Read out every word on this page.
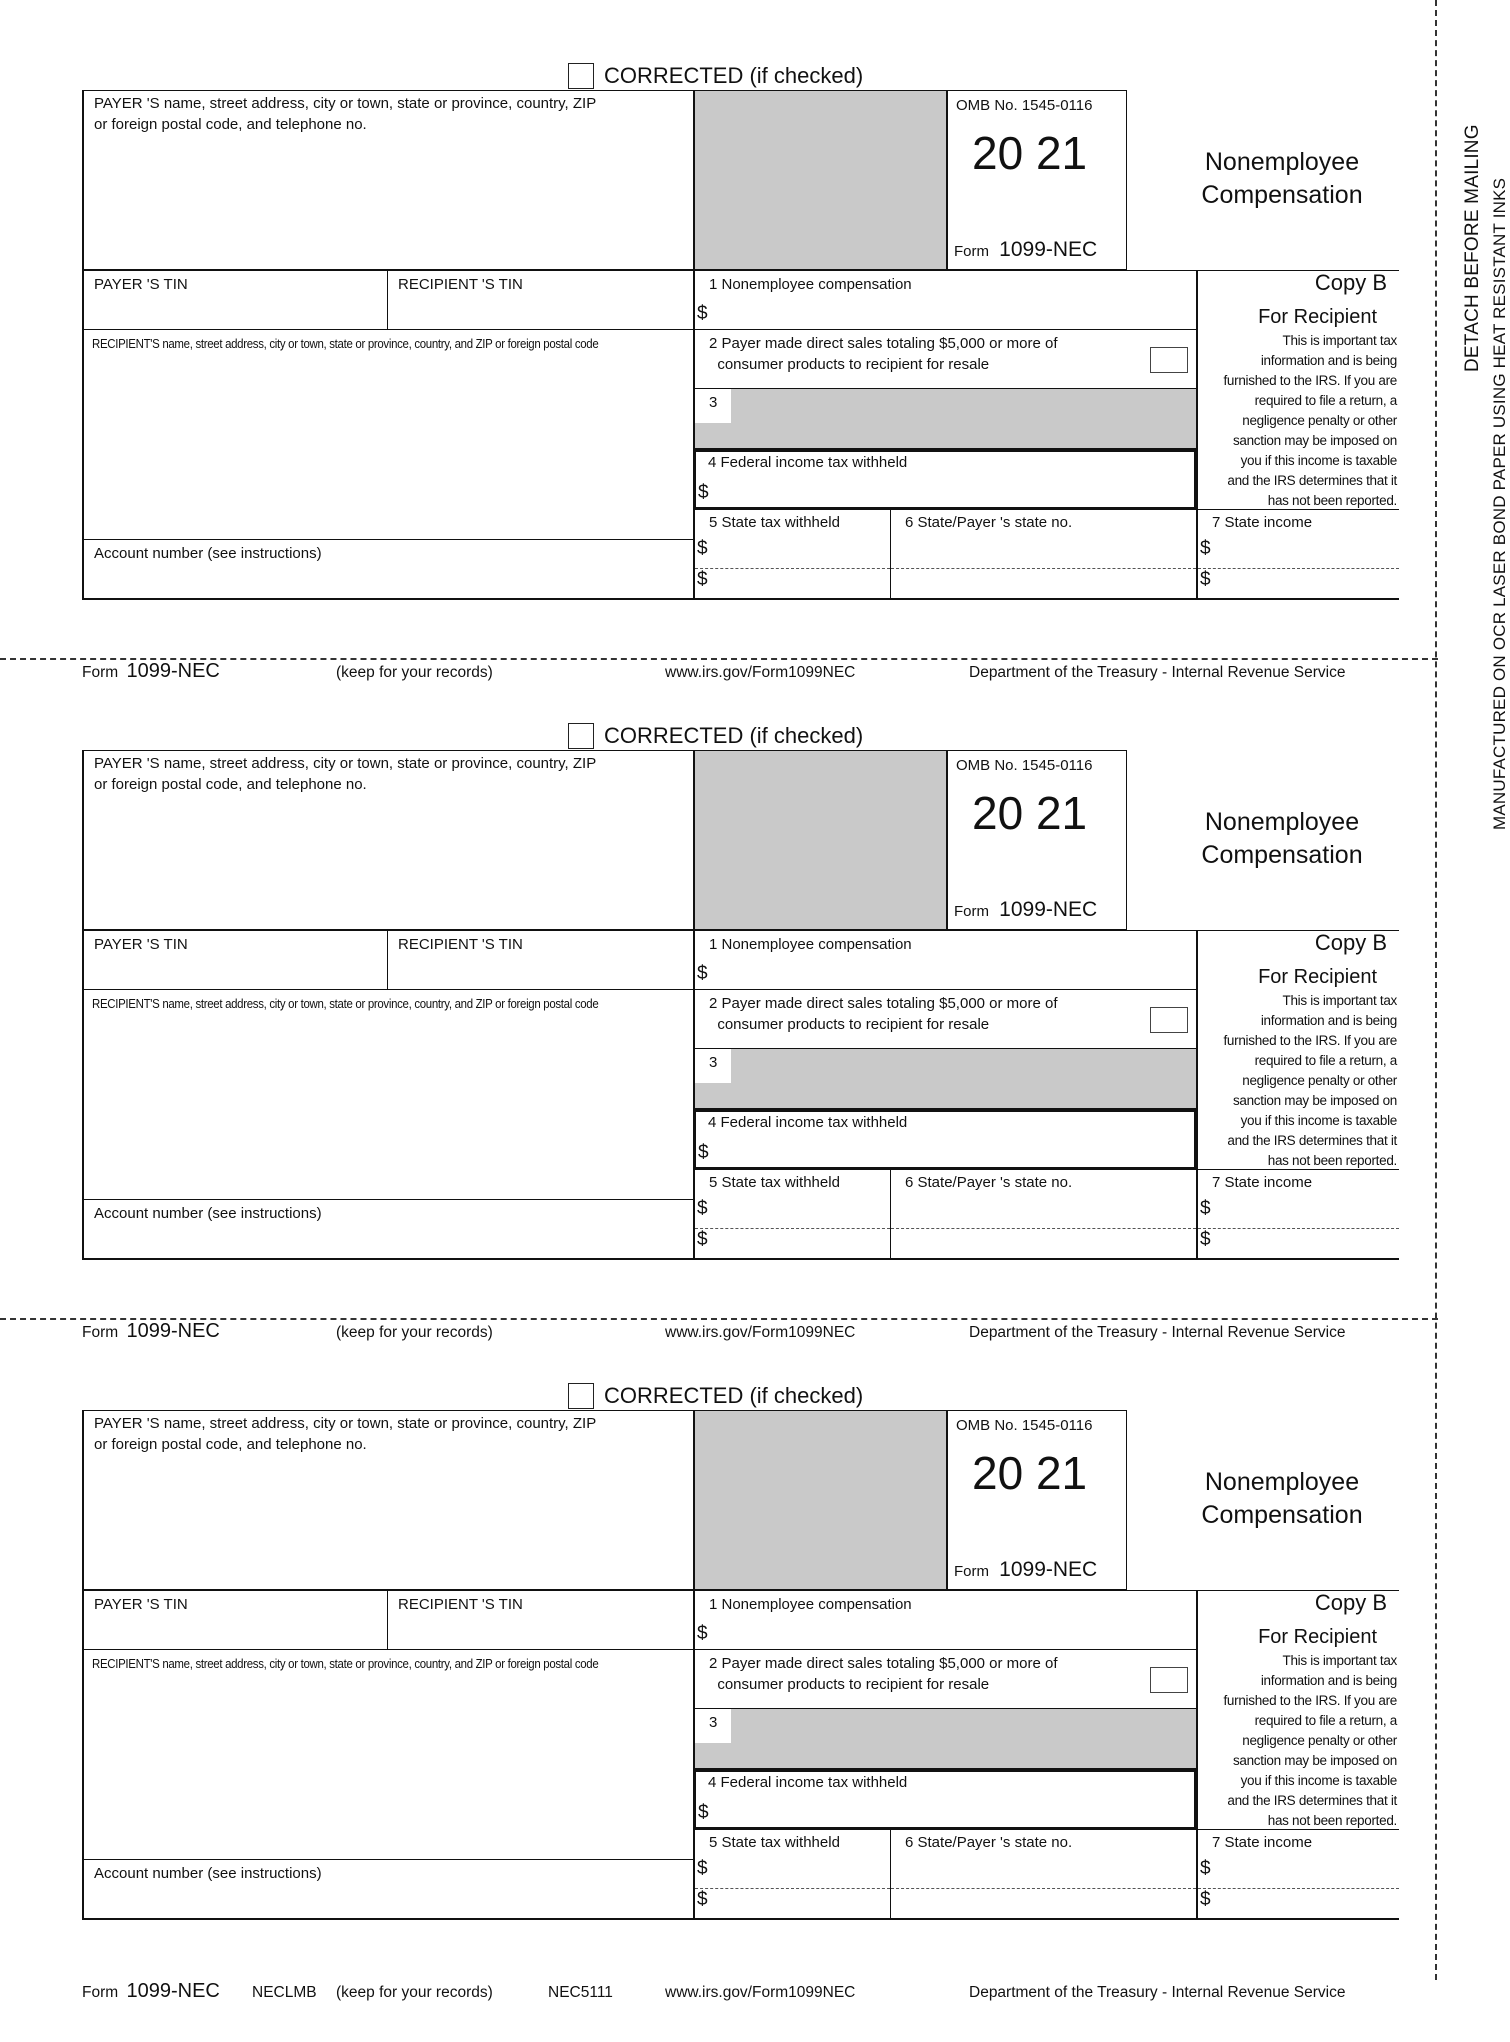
DETACH BEFORE MAILING MANUFACTURED ON OCR LASER BOND PAPER USING HEAT RESISTANT INKS
CORRECTED (if checked)
PAYER 'S name, street address, city or town, state or province, country, ZIP
or foreign postal code, and telephone no.
OMB No. 1545-0116
20 21
Form 1099-NEC
Nonemployee
Compensation
PAYER 'S TIN	RECIPIENT 'S TIN	1 Nonemployee compensation
$
Copy B
For Recipient
This is important tax
information and is being
furnished to the IRS. If you are
required to file a return, a
negligence penalty or other
sanction may be imposed on
you if this income is taxable
and the IRS determines that it
has not been reported.
RECIPIENT'S name, street address, city or town, state or province, country, and ZIP or foreign postal code	2 Payer made direct sales totaling $5,000 or more of
consumer products to recipient for resale
3
4 Federal income tax withheld
$
Account number (see instructions)
5 State tax withheld
$
$
6 State/Payer 's state no.	7 State income
$
$
Form 1099-NEC	(keep for your records)	www.irs.gov/Form1099NEC	Department of the Treasury - Internal Revenue Service
CORRECTED (if checked)
PAYER 'S name, street address, city or town, state or province, country, ZIP
or foreign postal code, and telephone no.
OMB No. 1545-0116
20 21
Form 1099-NEC
Nonemployee
Compensation
PAYER 'S TIN	RECIPIENT 'S TIN	1 Nonemployee compensation
$
Copy B
For Recipient
This is important tax
information and is being
furnished to the IRS. If you are
required to file a return, a
negligence penalty or other
sanction may be imposed on
you if this income is taxable
and the IRS determines that it
has not been reported.
RECIPIENT'S name, street address, city or town, state or province, country, and ZIP or foreign postal code	2 Payer made direct sales totaling $5,000 or more of
consumer products to recipient for resale
3
4 Federal income tax withheld
$
Account number (see instructions)
5 State tax withheld
$
$
6 State/Payer 's state no.	7 State income
$
$
Form 1099-NEC	(keep for your records)	www.irs.gov/Form1099NEC	Department of the Treasury - Internal Revenue Service
CORRECTED (if checked)
PAYER 'S name, street address, city or town, state or province, country, ZIP
or foreign postal code, and telephone no.
OMB No. 1545-0116
20 21
Form 1099-NEC
Nonemployee
Compensation
PAYER 'S TIN	RECIPIENT 'S TIN	1 Nonemployee compensation
$
Copy B
For Recipient
This is important tax
information and is being
furnished to the IRS. If you are
required to file a return, a
negligence penalty or other
sanction may be imposed on
you if this income is taxable
and the IRS determines that it
has not been reported.
RECIPIENT'S name, street address, city or town, state or province, country, and ZIP or foreign postal code	2 Payer made direct sales totaling $5,000 or more of
consumer products to recipient for resale
3
4 Federal income tax withheld
$
Account number (see instructions)
5 State tax withheld
$
$
6 State/Payer 's state no.	7 State income
$
$
Form 1099-NEC NECLMB (keep for your records)	NEC5111	www.irs.gov/Form1099NEC	Department of the Treasury - Internal Revenue Service
